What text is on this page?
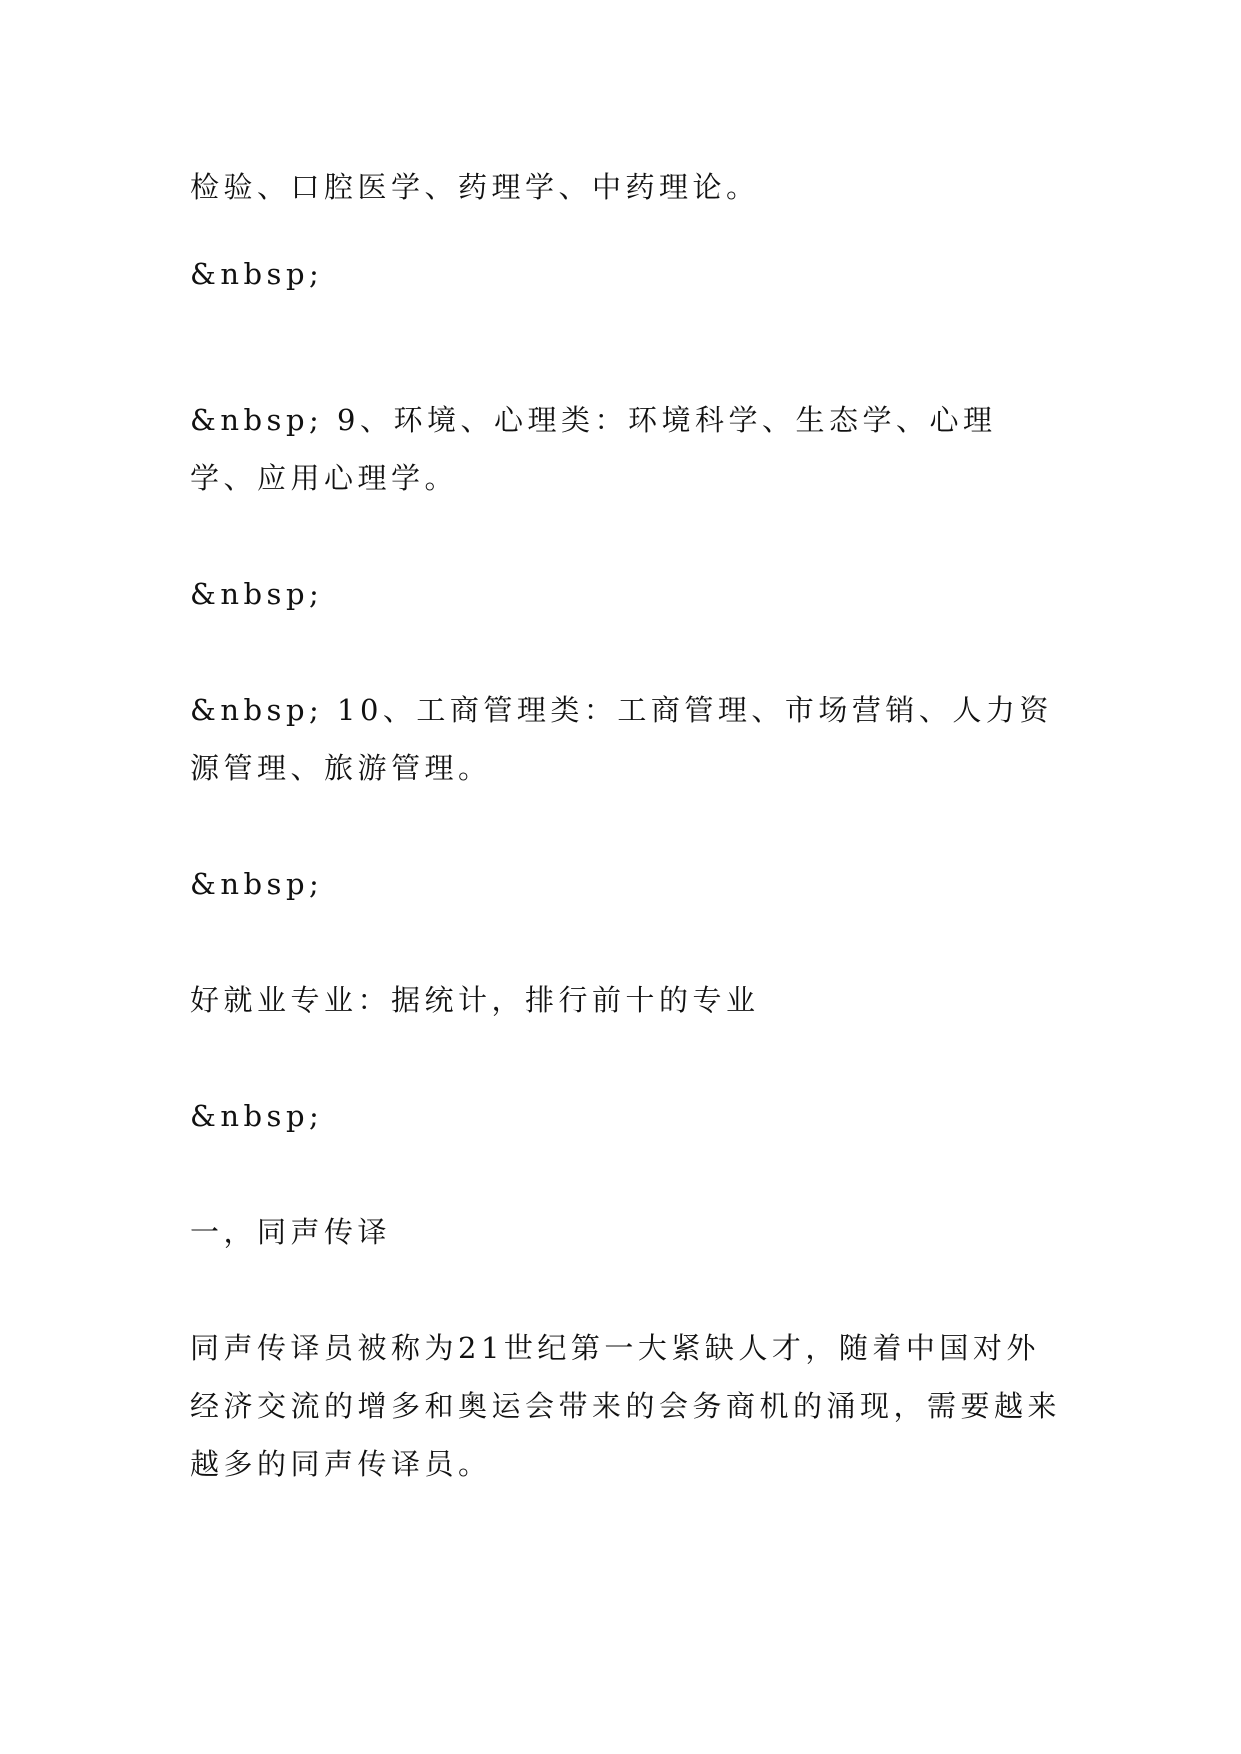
检验、口腔医学、药理学、中药理论。
&nbsp;
&nbsp; 9、环境、心理类：环境科学、生态学、心理学、应用心理学。
&nbsp;
&nbsp; 10、工商管理类：工商管理、市场营销、人力资源管理、旅游管理。
&nbsp;
好就业专业：据统计，排行前十的专业
&nbsp;
一，同声传译
同声传译员被称为21世纪第一大紧缺人才，随着中国对外经济交流的增多和奥运会带来的会务商机的涌现，需要越来越多的同声传译员。
